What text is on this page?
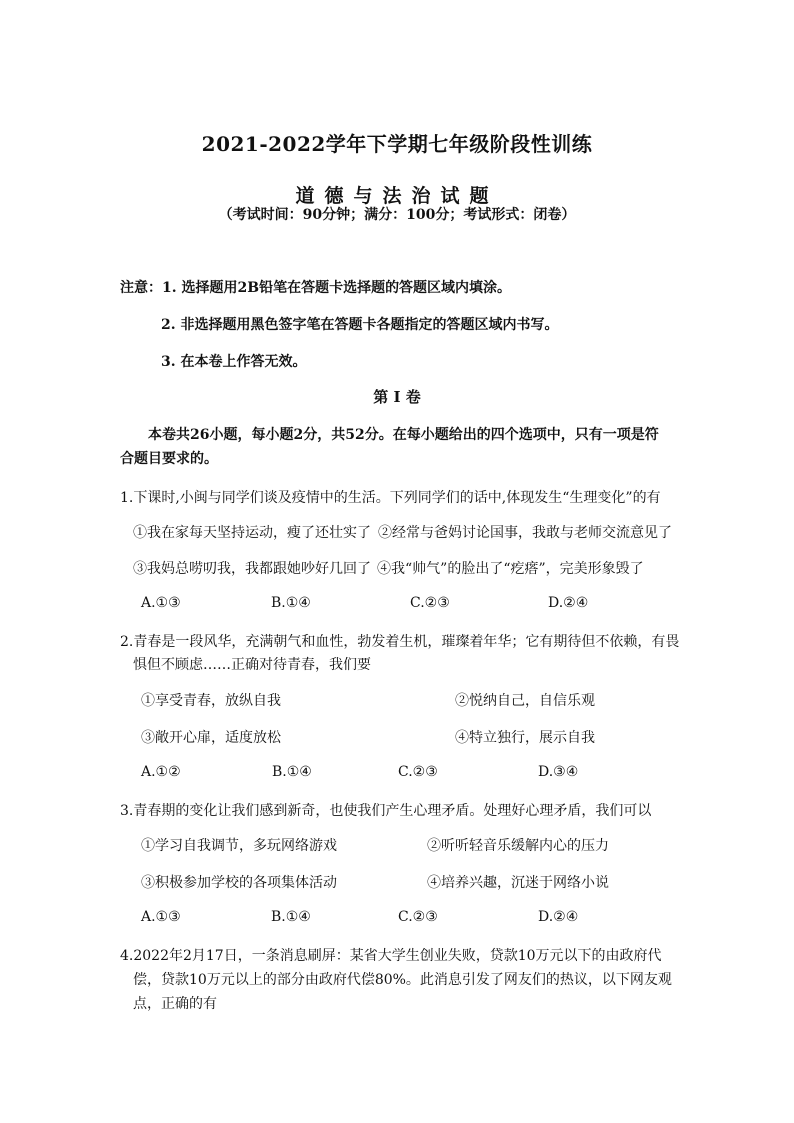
2021-2022学年下学期七年级阶段性训练
道德与法治试题
（考试时间：90分钟；满分：100分；考试形式：闭卷）
注意：1. 选择题用2B铅笔在答题卡选择题的答题区域内填涂。
2. 非选择题用黑色签字笔在答题卡各题指定的答题区域内书写。
3. 在本卷上作答无效。
第 I 卷
本卷共26小题，每小题2分，共52分。在每小题给出的四个选项中，只有一项是符
合题目要求的。
1.下课时,小闽与同学们谈及疫情中的生活。下列同学们的话中,体现发生“生理变化”的有
①我在家每天坚持运动，瘦了还壮实了 ②经常与爸妈讨论国事，我敢与老师交流意见了
③我妈总唠叨我，我都跟她吵好几回了 ④我“帅气”的脸出了“疙瘩”，完美形象毁了
A.①③	B.①④	C.②③	D.②④
2.青春是一段风华，充满朝气和血性，勃发着生机，璀璨着年华；它有期待但不依赖，有畏
惧但不顾虑……正确对待青春，我们要
①享受青春，放纵自我	②悦纳自己，自信乐观
③敞开心扉，适度放松	④特立独行，展示自我
A.①②	B.①④	C.②③	D.③④
3.青春期的变化让我们感到新奇，也使我们产生心理矛盾。处理好心理矛盾，我们可以
①学习自我调节，多玩网络游戏	②听听轻音乐缓解内心的压力
③积极参加学校的各项集体活动	④培养兴趣，沉迷于网络小说
A.①③	B.①④	C.②③	D.②④
4.2022年2月17日，一条消息刷屏：某省大学生创业失败，贷款10万元以下的由政府代
偿，贷款10万元以上的部分由政府代偿80%。此消息引发了网友们的热议，以下网友观
点，正确的有
